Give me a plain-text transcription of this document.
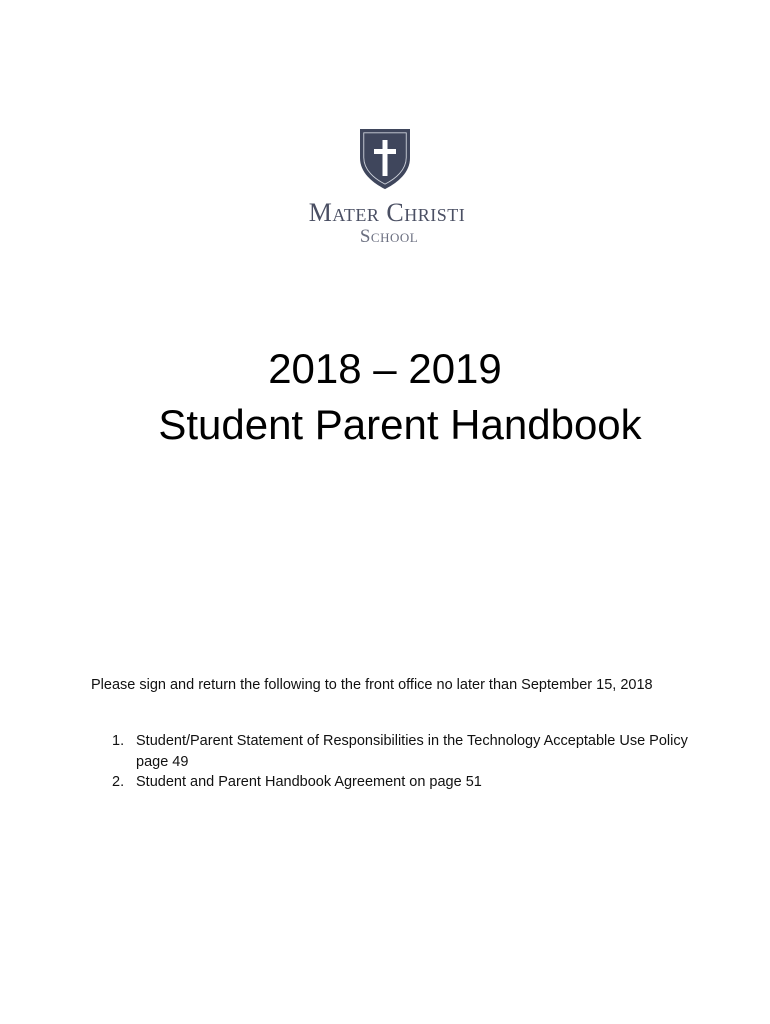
Mater Christi
School
2018 – 2019
Student Parent Handbook
Please sign and return the following to the front office no later than September 15, 2018
1. Student/Parent Statement of Responsibilities in the Technology Acceptable Use Policy page 49
2. Student and Parent Handbook Agreement on page 51
